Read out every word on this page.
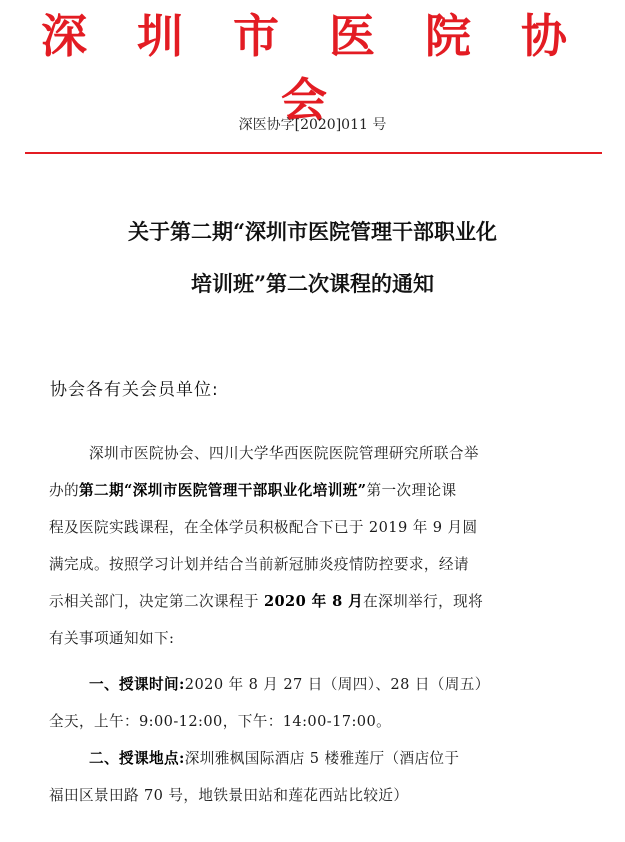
深 圳 市 医 院 协 会
深医协字[2020]011 号
关于第二期“深圳市医院管理干部职业化
培训班”第二次课程的通知
协会各有关会员单位:
深圳市医院协会、四川大学华西医院医院管理研究所联合举
办的第二期“深圳市医院管理干部职业化培训班”第一次理论课
程及医院实践课程，在全体学员积极配合下已于 2019 年 9 月圆
满完成。按照学习计划并结合当前新冠肺炎疫情防控要求，经请
示相关部门，决定第二次课程于 2020 年 8 月在深圳举行，现将
有关事项通知如下:
一、授课时间:2020 年 8 月 27 日（周四）、28 日（周五）
全天，上午：9:00-12:00，下午：14:00-17:00。
二、授课地点:深圳雅枫国际酒店 5 楼雅莲厅（酒店位于
福田区景田路 70 号，地铁景田站和莲花西站比较近）
